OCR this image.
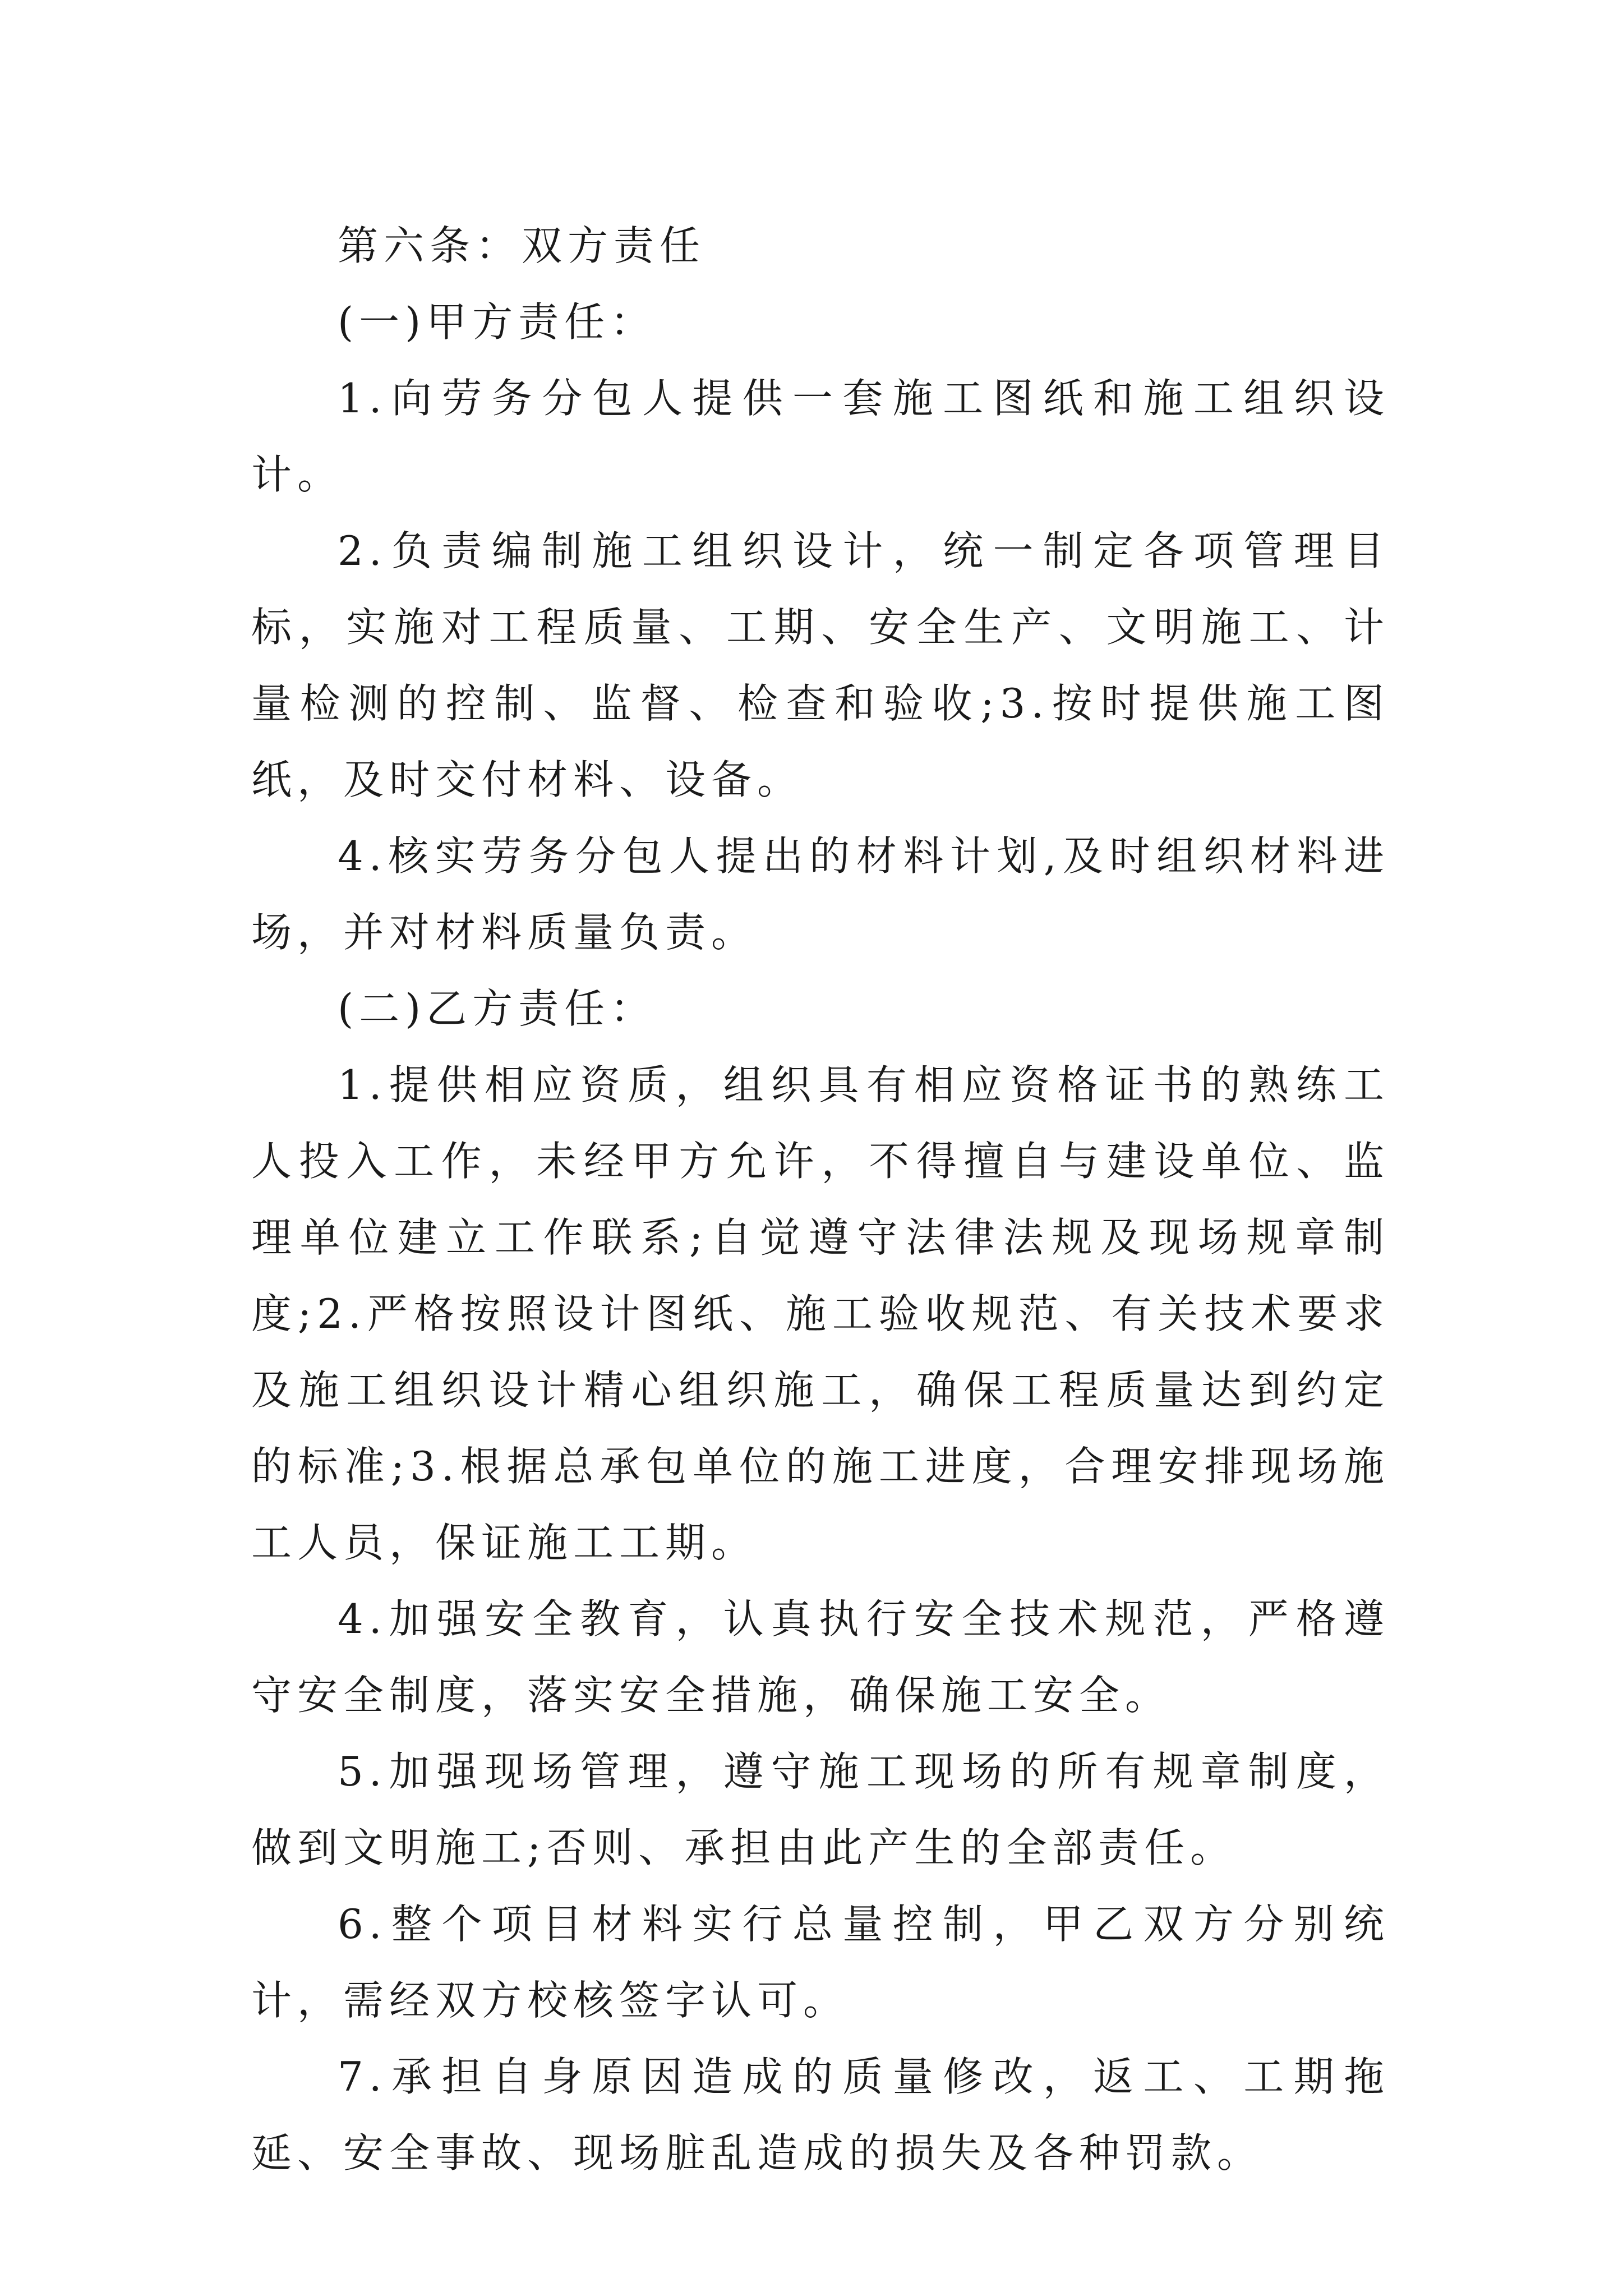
第六条：双方责任

(一)甲方责任：

1.向劳务分包人提供一套施工图纸和施工组织设计。

2.负责编制施工组织设计，统一制定各项管理目标，实施对工程质量、工期、安全生产、文明施工、计量检测的控制、监督、检查和验收;3.按时提供施工图纸，及时交付材料、设备。

4.核实劳务分包人提出的材料计划,及时组织材料进场，并对材料质量负责。

(二)乙方责任：

1.提供相应资质，组织具有相应资格证书的熟练工人投入工作，未经甲方允许，不得擅自与建设单位、监理单位建立工作联系;自觉遵守法律法规及现场规章制度;2.严格按照设计图纸、施工验收规范、有关技术要求及施工组织设计精心组织施工，确保工程质量达到约定的标准;3.根据总承包单位的施工进度，合理安排现场施工人员，保证施工工期。

4.加强安全教育，认真执行安全技术规范，严格遵守安全制度，落实安全措施，确保施工安全。

5.加强现场管理，遵守施工现场的所有规章制度，做到文明施工;否则、承担由此产生的全部责任。

6.整个项目材料实行总量控制，甲乙双方分别统计，需经双方校核签字认可。

7.承担自身原因造成的质量修改，返工、工期拖延、安全事故、现场脏乱造成的损失及各种罚款。
